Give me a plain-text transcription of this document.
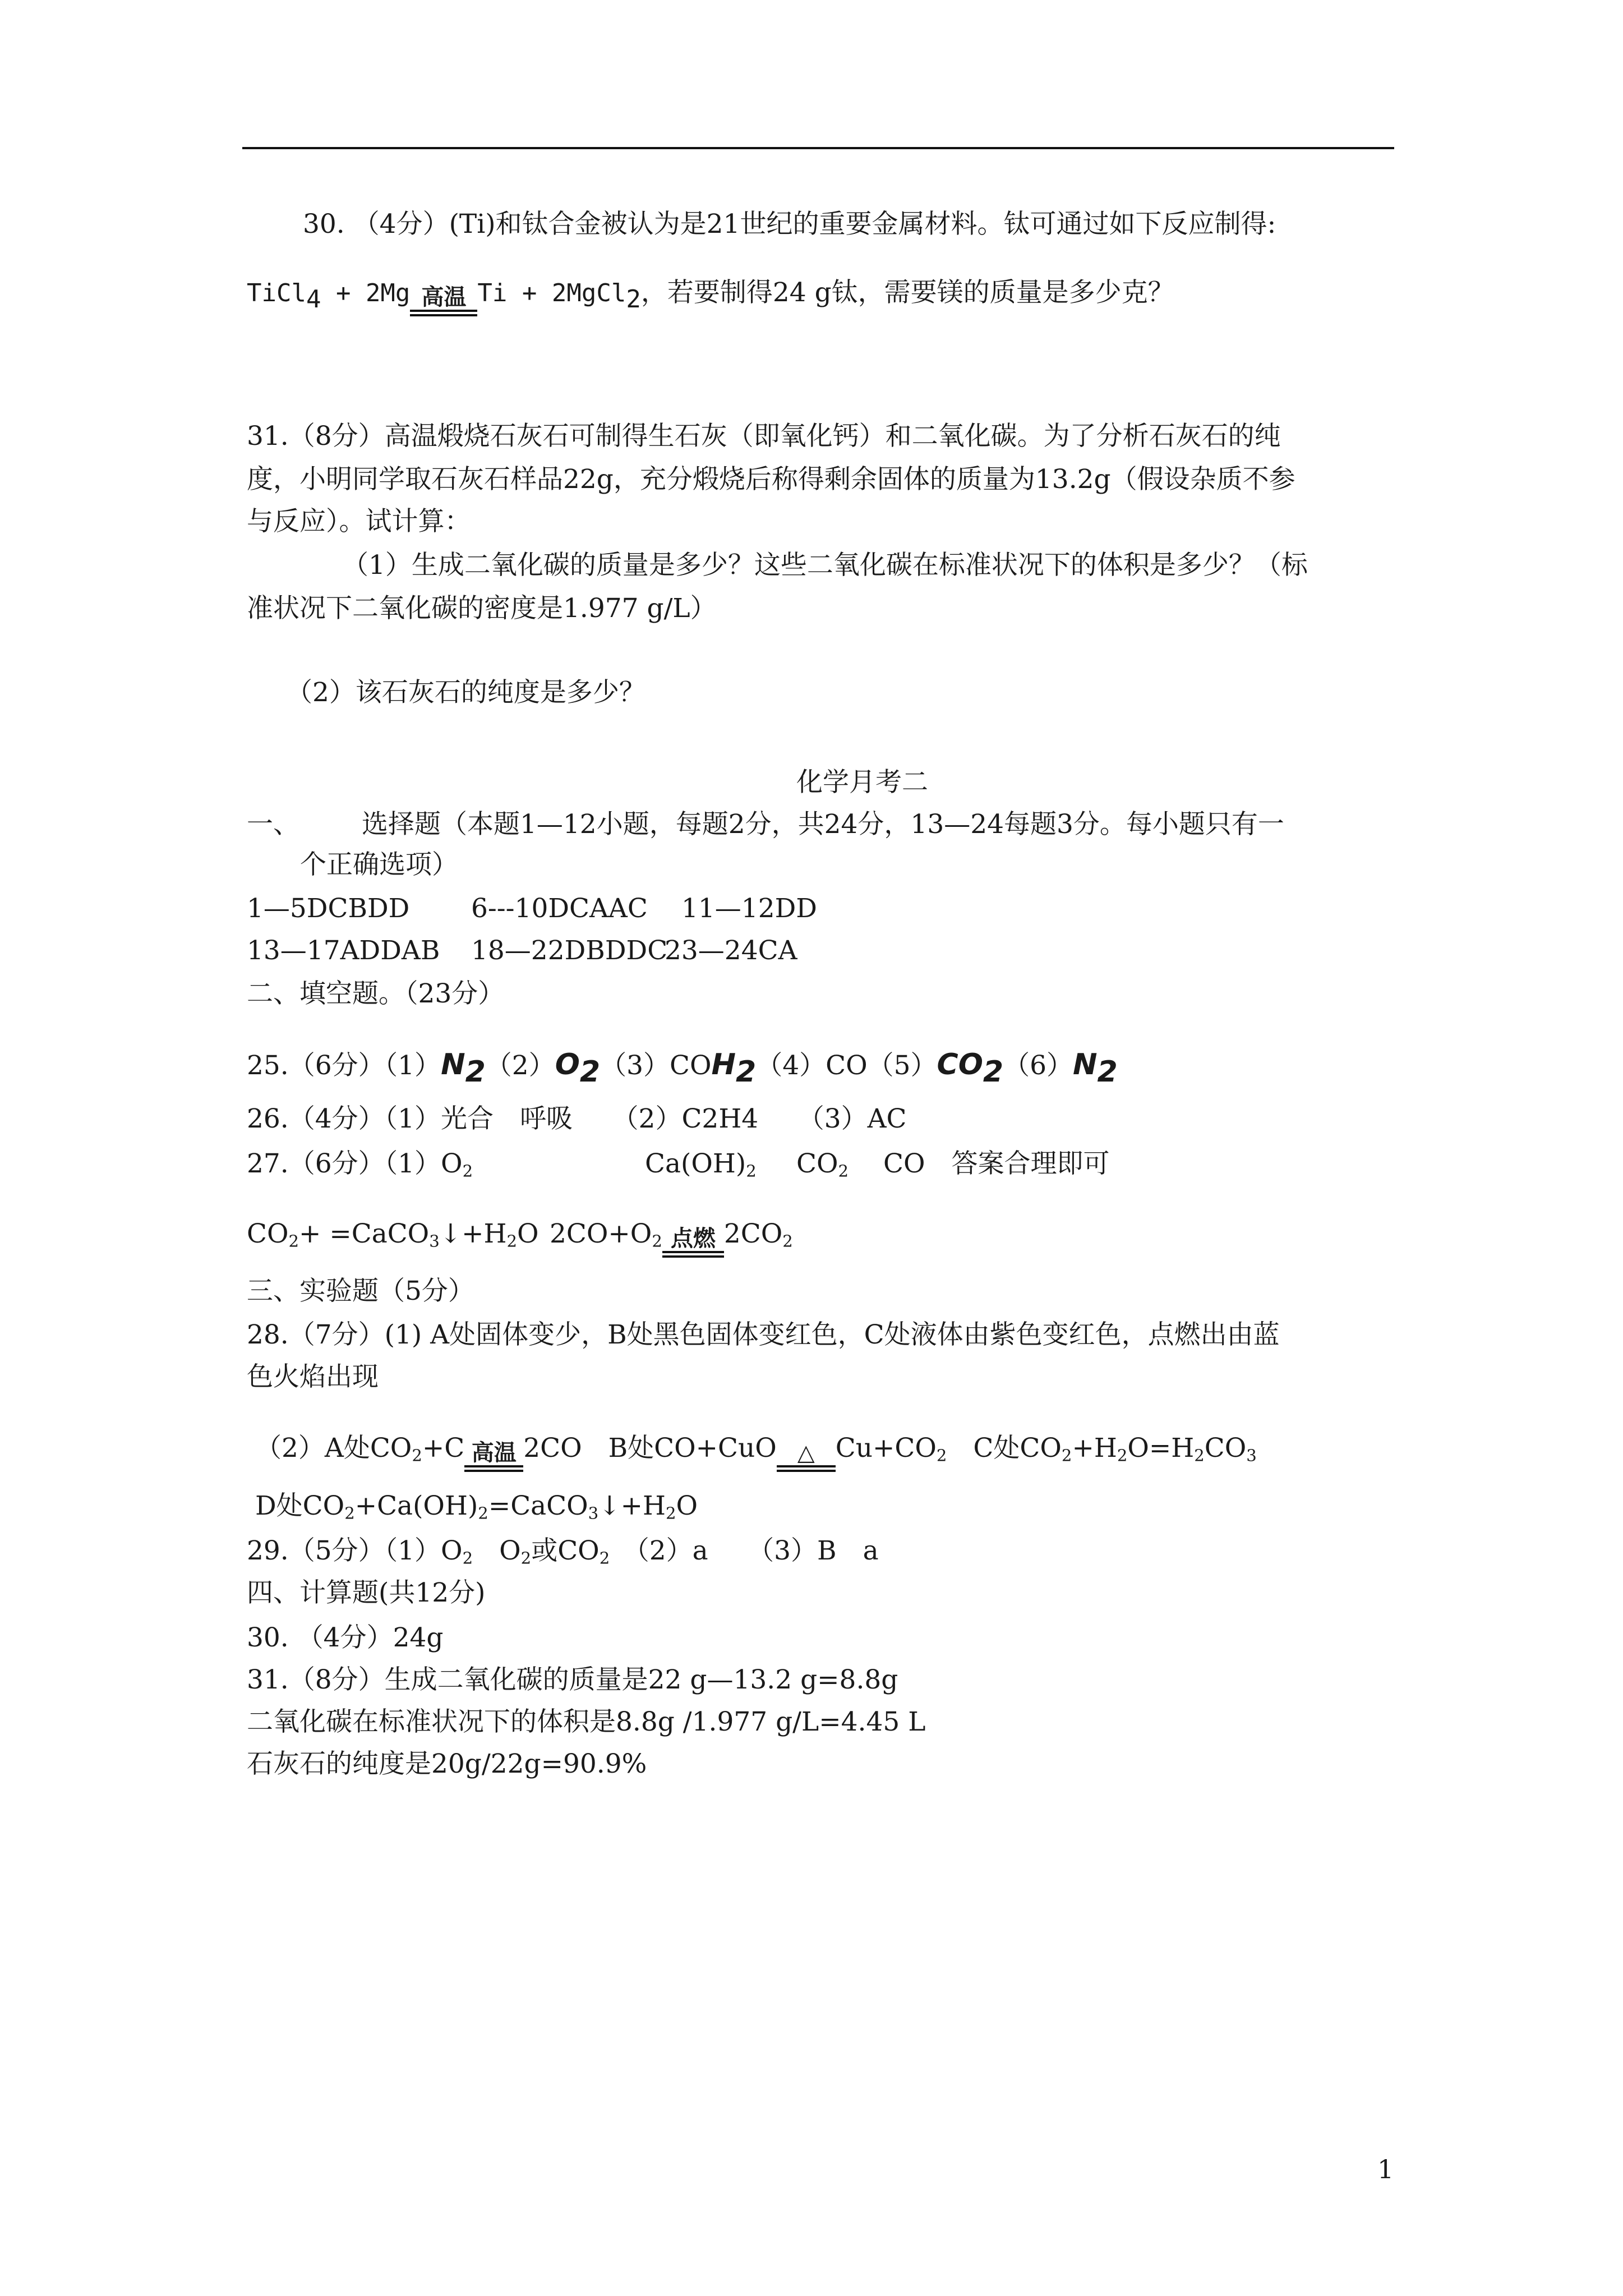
30. （4分）(Ti)和钛合金被认为是21世纪的重要金属材料。钛可通过如下反应制得:
TiCl$_4$ + 2Mg 高温 Ti + 2MgCl$_2$，若要制得24 g钛，需要镁的质量是多少克？
31.（8分）高温煅烧石灰石可制得生石灰（即氧化钙）和二氧化碳。为了分析石灰石的纯
度，小明同学取石灰石样品22g，充分煅烧后称得剩余固体的质量为13.2g（假设杂质不参
与反应）。试计算：
（1）生成二氧化碳的质量是多少？这些二氧化碳在标准状况下的体积是多少？（标
准状况下二氧化碳的密度是1.977 g/L）
（2）该石灰石的纯度是多少？
化学月考二
一、 选择题（本题1—12小题，每题2分，共24分，13—24每题3分。每小题只有一
个正确选项）
1—5DCBDD 6---10DCAAC 11—12DD
13—17ADDAB 18—22DBDDC
23—24CA
二、填空题。（23分）
25.（6分）$(1)N_2(2)O_2(3)COH_2(4)CO(5)CO_2(6)N_2$
26.（4分）（1）光合　呼吸　　（2）C2H4　　（3）AC
27.（6分）$(1)O_2$	$Ca(OH)_2$ $CO_2$ CO　答案合理即可
$CO_2+$ $=CaCO_3↓+H_2O$ $2CO+O_2$ 点燃 $2CO_2$
三、实验题（5分）
28.（7分）(1) A处固体变少，B处黑色固体变红色，C处液体由紫色变红色，点燃出由蓝
色火焰出现
（2）A处$CO_2+C$ 高温 2CO　B处CO+CuO △ $Cu+CO_2$　C处$CO_2+H_2O=H_2CO_3$
D处$CO_2+Ca(OH)_2=CaCO_3↓+H_2O$
29.（5分）$(1)O_2$　$O_2$或$CO_2$　（2）a　　（3）B　a
四、计算题(共12分)
30. （4分）24g
31.（8分）生成二氧化碳的质量是22 g—13.2 g=8.8g
二氧化碳在标准状况下的体积是8.8g /1.977 g/L=4.45 L
石灰石的纯度是20g/22g=90.9%
1
